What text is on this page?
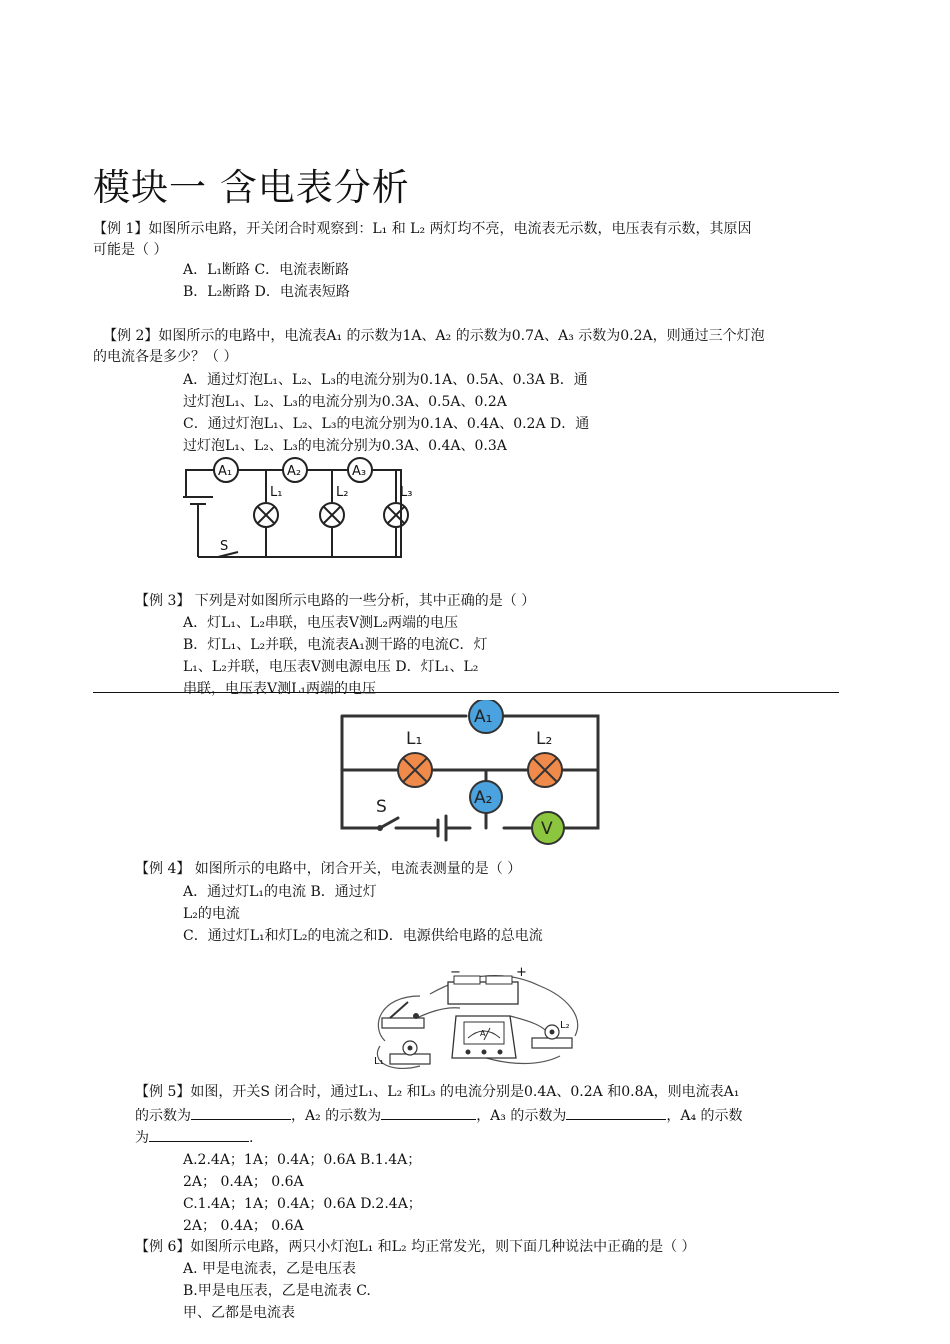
模块一 含电表分析
【例 1】如图所示电路，开关闭合时观察到：L₁ 和 L₂ 两灯均不亮，电流表无示数，电压表有示数，其原因
可能是（ ）
A．L₁断路 C．电流表断路
B．L₂断路 D．电流表短路
【例 2】如图所示的电路中，电流表A₁ 的示数为1A、A₂ 的示数为0.7A、A₃ 示数为0.2A，则通过三个灯泡
的电流各是多少？（ ）
A．通过灯泡L₁、L₂、L₃的电流分别为0.1A、0.5A、0.3A B．通
过灯泡L₁、L₂、L₃的电流分别为0.3A、0.5A、0.2A
C．通过灯泡L₁、L₂、L₃的电流分别为0.1A、0.4A、0.2A D．通
过灯泡L₁、L₂、L₃的电流分别为0.3A、0.4A、0.3A
A₁	A₂	A₃
L₁	L₂	L₃
S
【例 3】 下列是对如图所示电路的一些分析，其中正确的是（ ）
A．灯L₁、L₂串联，电压表V测L₂两端的电压
B．灯L₁、L₂并联，电流表A₁测干路的电流C．灯
L₁、L₂并联，电压表V测电源电压 D．灯L₁、L₂
串联，电压表V测L₁两端的电压
A₁
A₂
V
L₁	L₂
S
【例 4】 如图所示的电路中，闭合开关，电流表测量的是（ ）
A．通过灯L₁的电流 B．通过灯
L₂的电流
C．通过灯L₁和灯L₂的电流之和D．电源供给电路的总电流
−	+
A
L₁
L₂
【例 5】如图，开关S 闭合时，通过L₁、L₂ 和L₃ 的电流分别是0.4A、0.2A 和0.8A，则电流表A₁
的示数为	，A₂ 的示数为	，A₃ 的示数为	，A₄ 的示数
为	.
A.2.4A；1A；0.4A；0.6A B.1.4A；
2A； 0.4A； 0.6A
C.1.4A；1A；0.4A；0.6A D.2.4A；
2A； 0.4A； 0.6A
【例 6】如图所示电路，两只小灯泡L₁ 和L₂ 均正常发光，则下面几种说法中正确的是（ ）
A. 甲是电流表，乙是电压表
B.甲是电压表，乙是电流表 C.
甲、乙都是电流表
